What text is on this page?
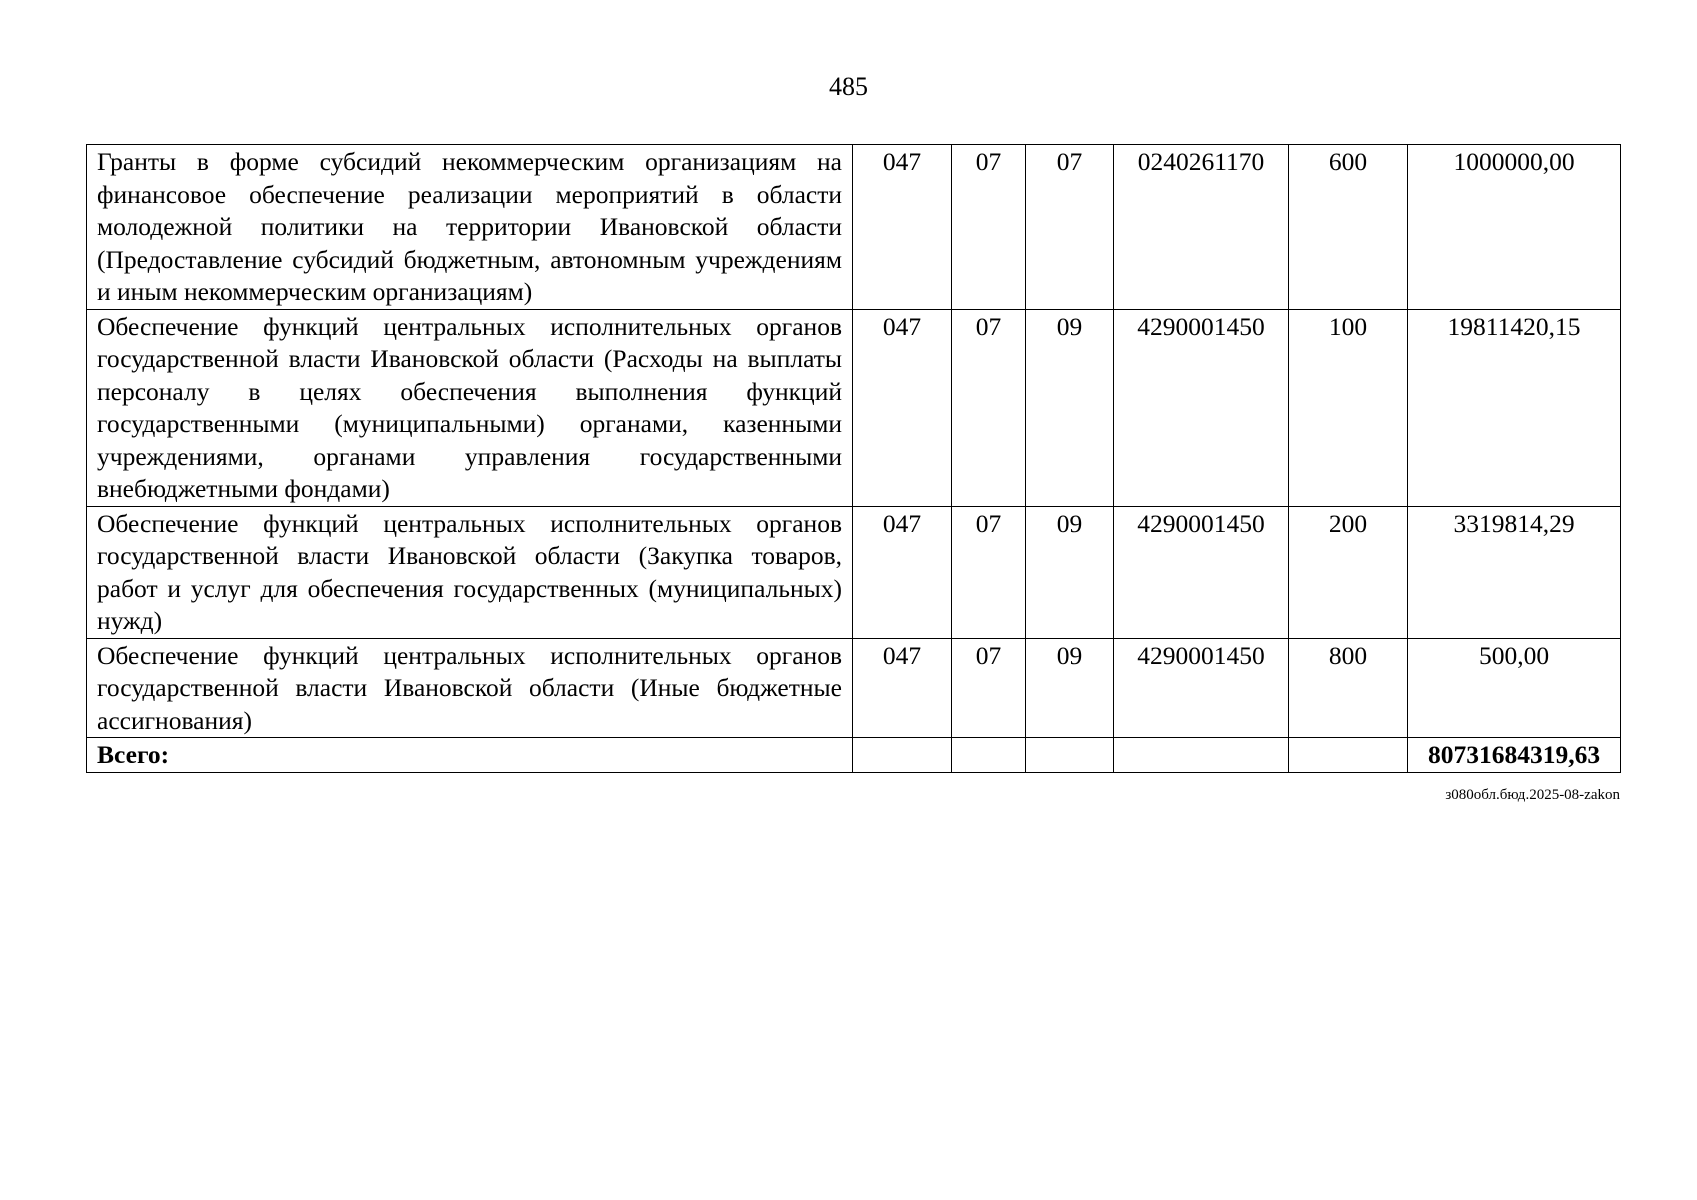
485
Гранты в форме субсидий некоммерческим организациям на финансовое обеспечение реализации мероприятий в области молодежной политики на территории Ивановской области (Предоставление субсидий бюджетным, автономным учреждениям и иным некоммерческим организациям)	047	07	07	0240261170	600	1000000,00
Обеспечение функций центральных исполнительных органов государственной власти Ивановской области (Расходы на выплаты персоналу в целях обеспечения выполнения функций государственными (муниципальными) органами, казенными учреждениями, органами управления государственными внебюджетными фондами)	047	07	09	4290001450	100	19811420,15
Обеспечение функций центральных исполнительных органов государственной власти Ивановской области (Закупка товаров, работ и услуг для обеспечения государственных (муниципальных) нужд)	047	07	09	4290001450	200	3319814,29
Обеспечение функций центральных исполнительных органов государственной власти Ивановской области (Иные бюджетные ассигнования)	047	07	09	4290001450	800	500,00
Всего:						80731684319,63
з080обл.бюд.2025-08-zakon
